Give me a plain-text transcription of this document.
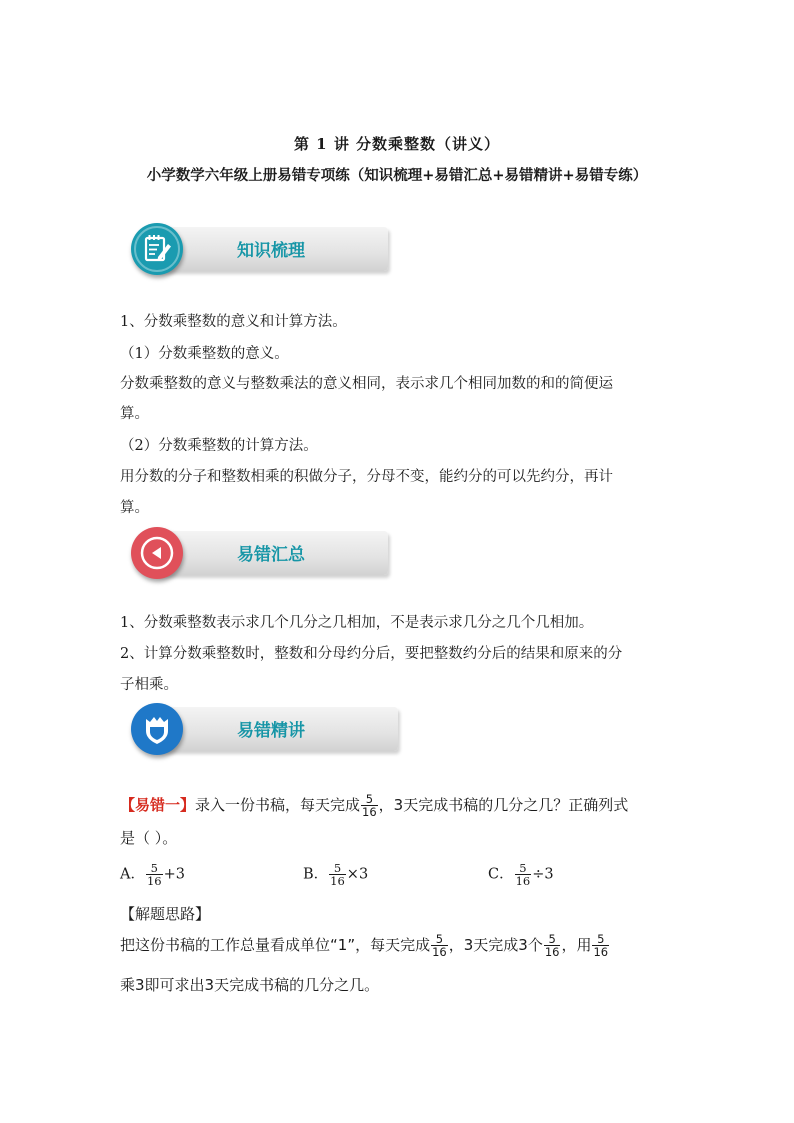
第 1 讲 分数乘整数（讲义）
小学数学六年级上册易错专项练（知识梳理+易错汇总+易错精讲+易错专练）
知识梳理
1、分数乘整数的意义和计算方法。
（1）分数乘整数的意义。
分数乘整数的意义与整数乘法的意义相同，表示求几个相同加数的和的简便运
算。
（2）分数乘整数的计算方法。
用分数的分子和整数相乘的积做分子，分母不变，能约分的可以先约分，再计
算。
易错汇总
1、分数乘整数表示求几个几分之几相加，不是表示求几分之几个几相加。
2、计算分数乘整数时，整数和分母约分后，要把整数约分后的结果和原来的分
子相乘。
易错精讲
【易错一】录入一份书稿，每天完成 $\frac{5}{16}$ ，3天完成书稿的几分之几？正确列式
是（ ）。
A． $\frac{5}{16} +3$	B． $\frac{5}{16} \times 3$	C． $\frac{5}{16} \div 3$
【解题思路】
把这份书稿的工作总量看成单位“1”，每天完成 $\frac{5}{16}$ ，3天完成3个 $\frac{5}{16}$ ，用 $\frac{5}{16}$
乘3即可求出3天完成书稿的几分之几。
